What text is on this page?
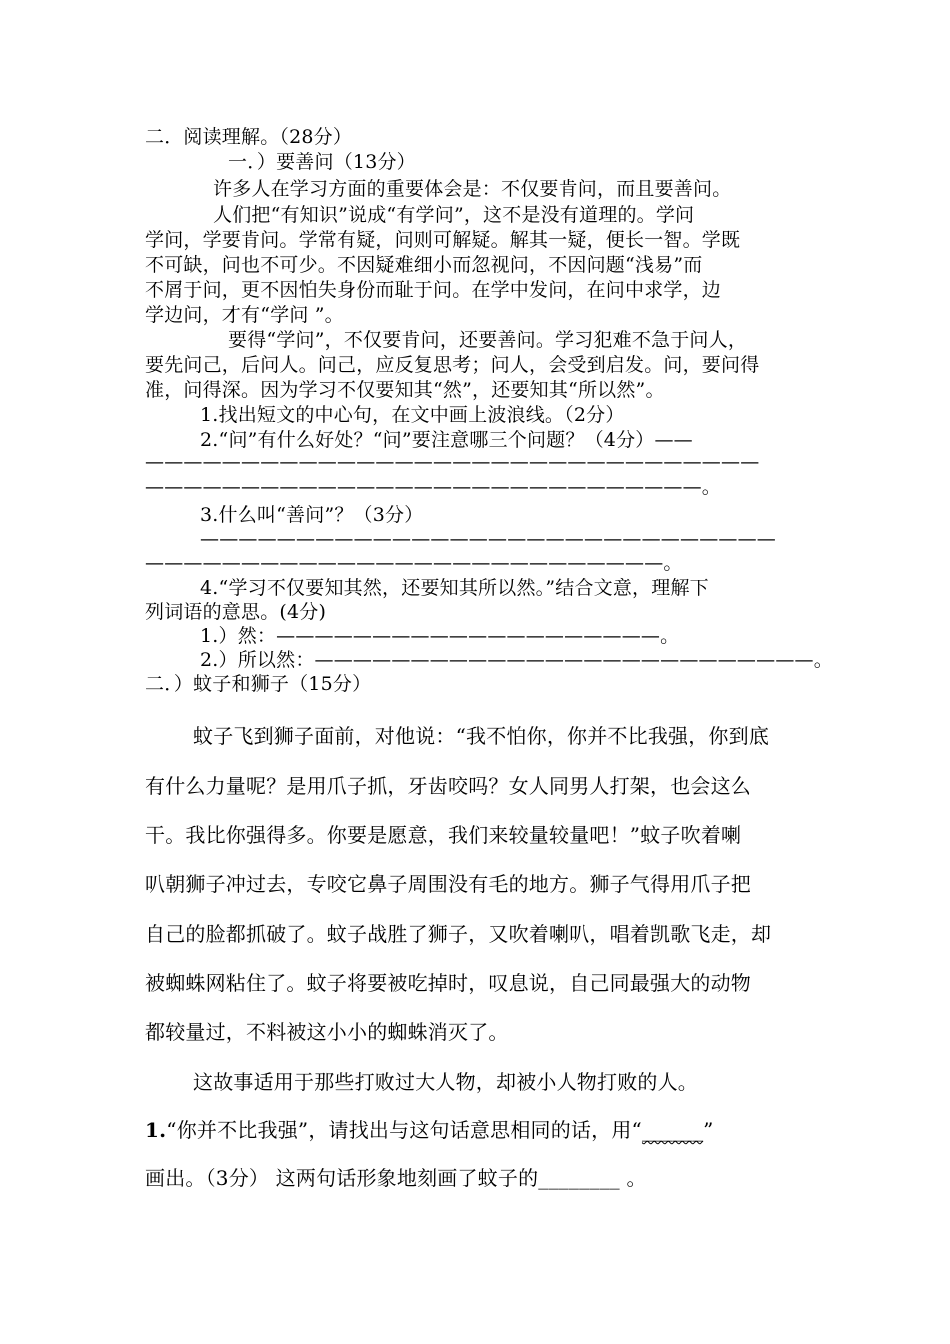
二．阅读理解。（28分）
一．）要善问（13分）
许多人在学习方面的重要体会是：不仅要肯问，而且要善问。
人们把“有知识”说成“有学问”，这不是没有道理的。学问
学问，学要肯问。学常有疑，问则可解疑。解其一疑，便长一智。学既
不可缺，问也不可少。不因疑难细小而忽视问，不因问题“浅易”而
不屑于问，更不因怕失身份而耻于问。在学中发问，在问中求学，边
学边问，才有“学问 ”。
要得“学问”，不仅要肯问，还要善问。学习犯难不急于问人，
要先问己，后问人。问己，应反复思考；问人，会受到启发。问，要问得
准，问得深。因为学习不仅要知其“然”，还要知其“所以然”。
1.找出短文的中心句，在文中画上波浪线。（2分）
2.“问”有什么好处？“问”要注意哪三个问题？（4分）——
————————————————————————————————
—————————————————————————————。
3.什么叫“善问”？（3分）
——————————————————————————————
———————————————————————————。
4.“学习不仅要知其然，还要知其所以然。”结合文意，理解下
列词语的意思。(4分)
1.）然：————————————————————。
2.）所以然：——————————————————————————。
二．）蚊子和狮子（15分）
蚊子飞到狮子面前，对他说：“我不怕你，你并不比我强，你到底
有什么力量呢？是用爪子抓，牙齿咬吗？女人同男人打架，也会这么
干。我比你强得多。你要是愿意，我们来较量较量吧！”蚊子吹着喇
叭朝狮子冲过去，专咬它鼻子周围没有毛的地方。狮子气得用爪子把
自己的脸都抓破了。蚊子战胜了狮子，又吹着喇叭，唱着凯歌飞走，却
被蜘蛛网粘住了。蚊子将要被吃掉时，叹息说，自己同最强大的动物
都较量过，不料被这小小的蜘蛛消灭了。
这故事适用于那些打败过大人物，却被小人物打败的人。
1.“你并不比我强”，请找出与这句话意思相同的话，用“______”
画出。（3分） 这两句话形象地刻画了蚊子的________ 。
